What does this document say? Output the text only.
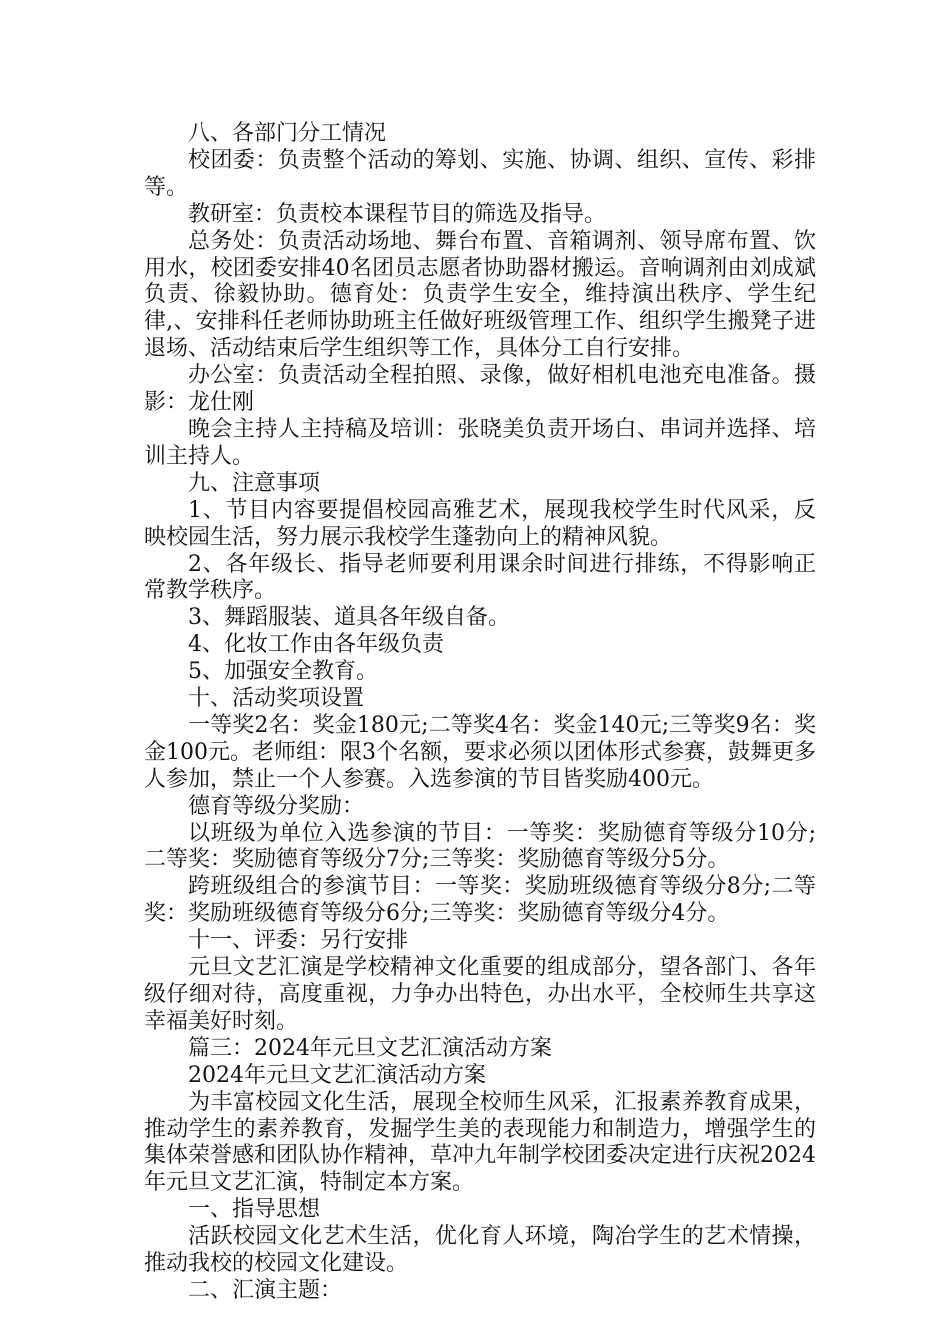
八、各部门分工情况

校团委：负责整个活动的筹划、实施、协调、组织、宣传、彩排等。

教研室：负责校本课程节目的筛选及指导。

总务处：负责活动场地、舞台布置、音箱调剂、领导席布置、饮用水，校团委安排40名团员志愿者协助器材搬运。音响调剂由刘成斌负责、徐毅协助。德育处：负责学生安全，维持演出秩序、学生纪律,、安排科任老师协助班主任做好班级管理工作、组织学生搬凳子进退场、活动结束后学生组织等工作，具体分工自行安排。

办公室：负责活动全程拍照、录像，做好相机电池充电准备。摄影：龙仕刚

晚会主持人主持稿及培训：张晓美负责开场白、串词并选择、培训主持人。

九、注意事项

1、节目内容要提倡校园高雅艺术，展现我校学生时代风采，反映校园生活，努力展示我校学生蓬勃向上的精神风貌。

2、各年级长、指导老师要利用课余时间进行排练，不得影响正常教学秩序。

3、舞蹈服装、道具各年级自备。

4、化妆工作由各年级负责

5、加强安全教育。

十、活动奖项设置

一等奖2名：奖金180元;二等奖4名：奖金140元;三等奖9名：奖金100元。老师组：限3个名额，要求必须以团体形式参赛，鼓舞更多人参加，禁止一个人参赛。入选参演的节目皆奖励400元。

德育等级分奖励：

以班级为单位入选参演的节目：一等奖：奖励德育等级分10分;二等奖：奖励德育等级分7分;三等奖：奖励德育等级分5分。

跨班级组合的参演节目：一等奖：奖励班级德育等级分8分;二等奖：奖励班级德育等级分6分;三等奖：奖励德育等级分4分。

十一、评委：另行安排

元旦文艺汇演是学校精神文化重要的组成部分，望各部门、各年级仔细对待，高度重视，力争办出特色，办出水平，全校师生共享这幸福美好时刻。

篇三：2024年元旦文艺汇演活动方案

2024年元旦文艺汇演活动方案

为丰富校园文化生活，展现全校师生风采，汇报素养教育成果，推动学生的素养教育，发掘学生美的表现能力和制造力，增强学生的集体荣誉感和团队协作精神，草冲九年制学校团委决定进行庆祝2024年元旦文艺汇演，特制定本方案。

一、指导思想

活跃校园文化艺术生活，优化育人环境，陶冶学生的艺术情操，推动我校的校园文化建设。

二、汇演主题：
